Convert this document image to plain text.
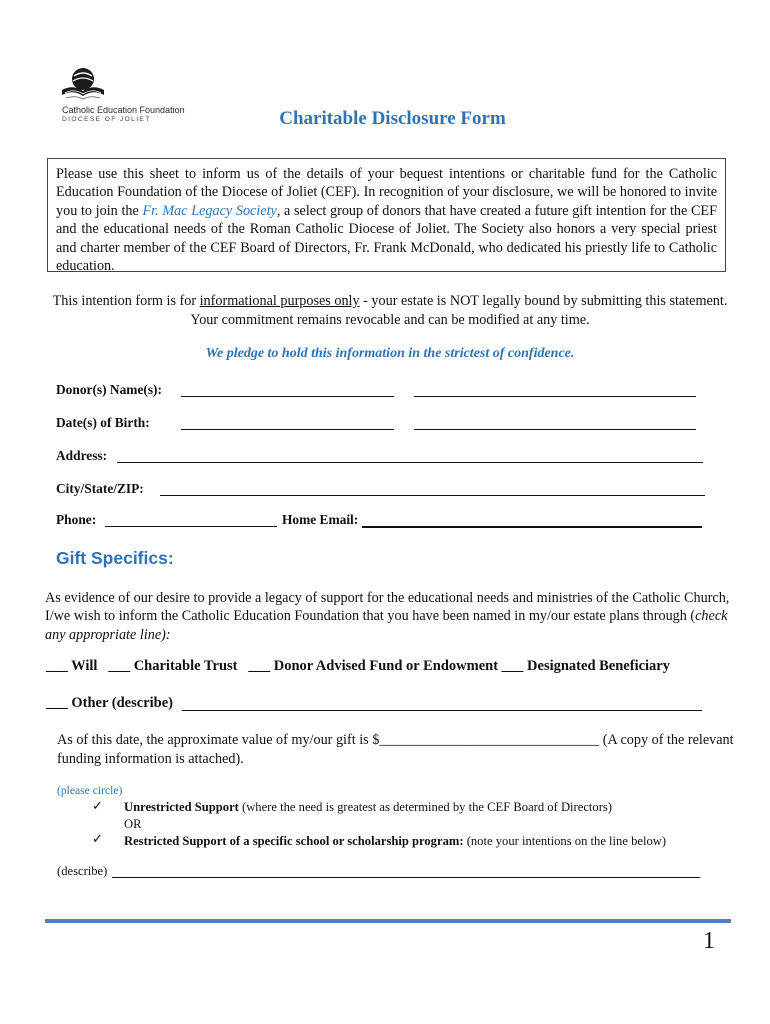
Catholic Education Foundation
DIOCESE OF JOLIET	Charitable Disclosure Form
Please use this sheet to inform us of the details of your bequest intentions or charitable fund for the Catholic Education Foundation of the Diocese of Joliet (CEF). In recognition of your disclosure, we will be honored to invite you to join the Fr. Mac Legacy Society, a select group of donors that have created a future gift intention for the CEF and the educational needs of the Roman Catholic Diocese of Joliet. The Society also honors a very special priest and charter member of the CEF Board of Directors, Fr. Frank McDonald, who dedicated his priestly life to Catholic education.
This intention form is for informational purposes only - your estate is NOT legally bound by submitting this statement. Your commitment remains revocable and can be modified at any time.
We pledge to hold this information in the strictest of confidence.
Donor(s) Name(s):
Date(s) of Birth:
Address:
City/State/ZIP:
Phone:	Home Email:
Gift Specifics:
As evidence of our desire to provide a legacy of support for the educational needs and ministries of the Catholic Church, I/we wish to inform the Catholic Education Foundation that you have been named in my/our estate plans through (check any appropriate line):
___ Will ___ Charitable Trust ___ Donor Advised Fund or Endowment ___ Designated Beneficiary
___ Other (describe)
As of this date, the approximate value of my/our gift is $_______________________________ (A copy of the relevant funding information is attached).
(please circle)
✓ Unrestricted Support (where the need is greatest as determined by the CEF Board of Directors)
OR
✓ Restricted Support of a specific school or scholarship program: (note your intentions on the line below)
(describe)
1
